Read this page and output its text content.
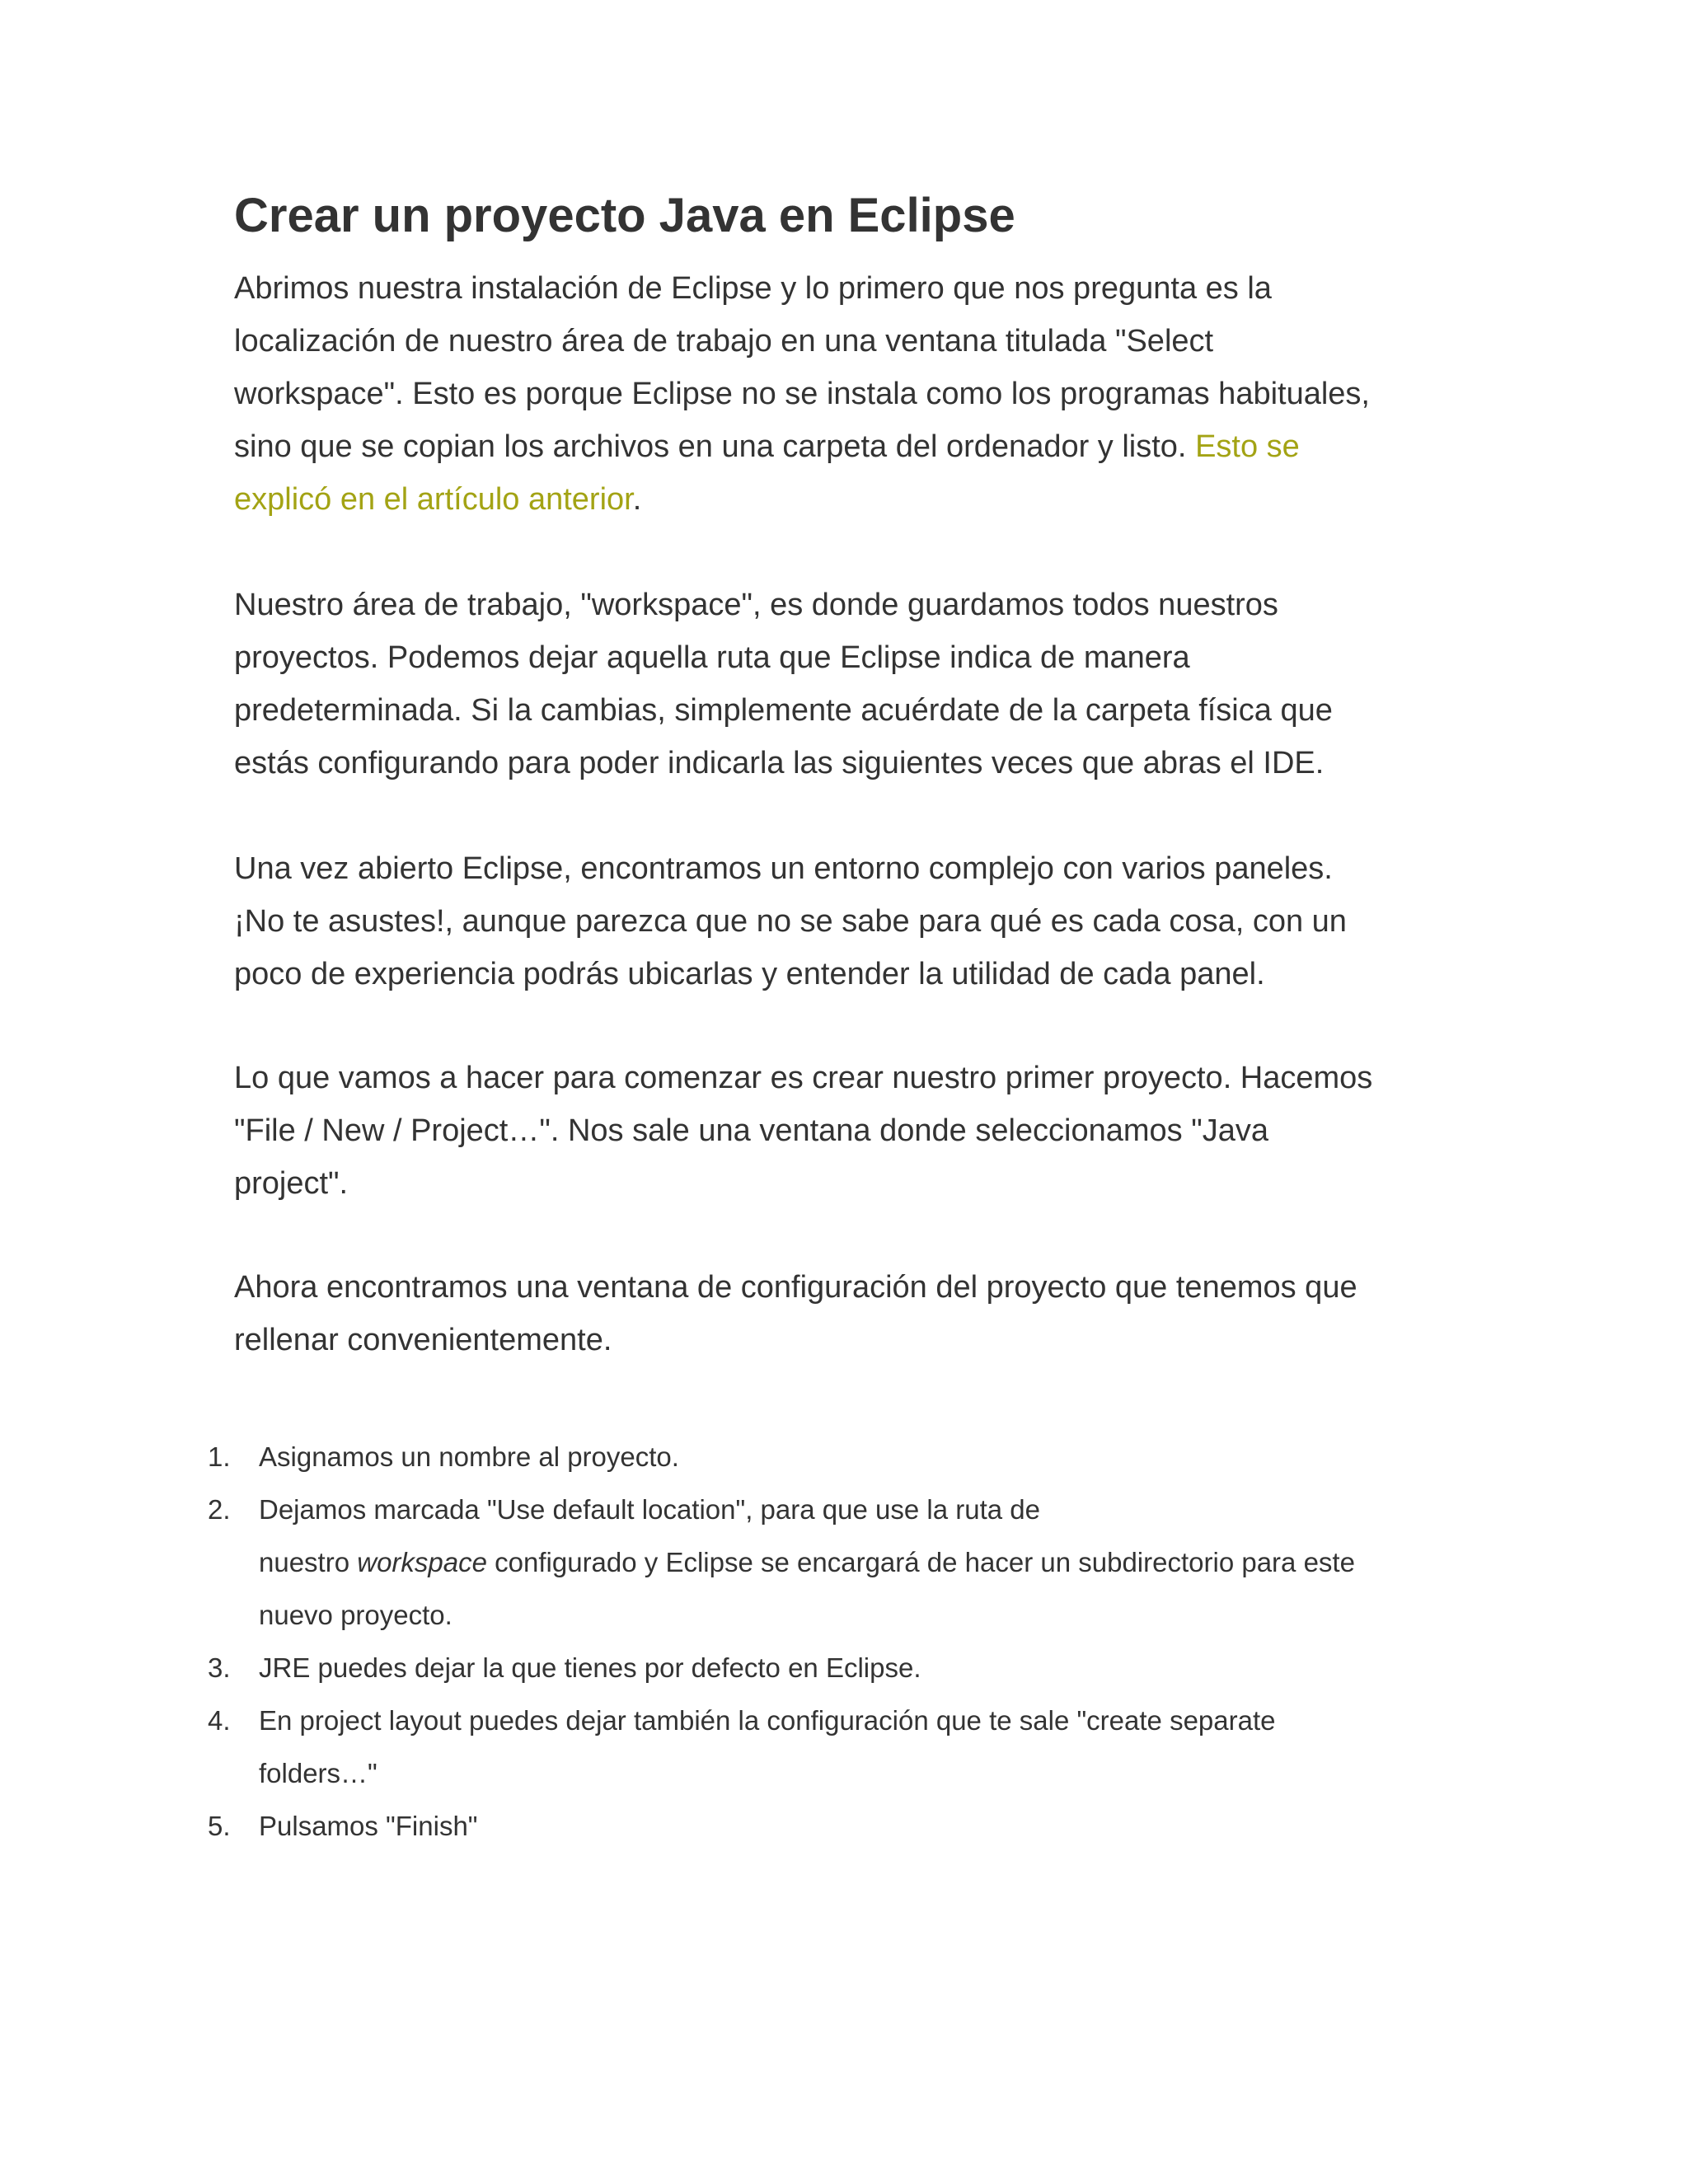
Crear un proyecto Java en Eclipse

Abrimos nuestra instalación de Eclipse y lo primero que nos pregunta es la
localización de nuestro área de trabajo en una ventana titulada "Select
workspace". Esto es porque Eclipse no se instala como los programas habituales,
sino que se copian los archivos en una carpeta del ordenador y listo. Esto se
explicó en el artículo anterior.

Nuestro área de trabajo, "workspace", es donde guardamos todos nuestros
proyectos. Podemos dejar aquella ruta que Eclipse indica de manera
predeterminada. Si la cambias, simplemente acuérdate de la carpeta física que
estás configurando para poder indicarla las siguientes veces que abras el IDE.

Una vez abierto Eclipse, encontramos un entorno complejo con varios paneles.
¡No te asustes!, aunque parezca que no se sabe para qué es cada cosa, con un
poco de experiencia podrás ubicarlas y entender la utilidad de cada panel.

Lo que vamos a hacer para comenzar es crear nuestro primer proyecto. Hacemos
"File / New / Project…". Nos sale una ventana donde seleccionamos "Java
project".

Ahora encontramos una ventana de configuración del proyecto que tenemos que
rellenar convenientemente.

1. Asignamos un nombre al proyecto.
2. Dejamos marcada "Use default location", para que use la ruta de
nuestro workspace configurado y Eclipse se encargará de hacer un subdirectorio para este
nuevo proyecto.
3. JRE puedes dejar la que tienes por defecto en Eclipse.
4. En project layout puedes dejar también la configuración que te sale "create separate
folders…"
5. Pulsamos "Finish"
